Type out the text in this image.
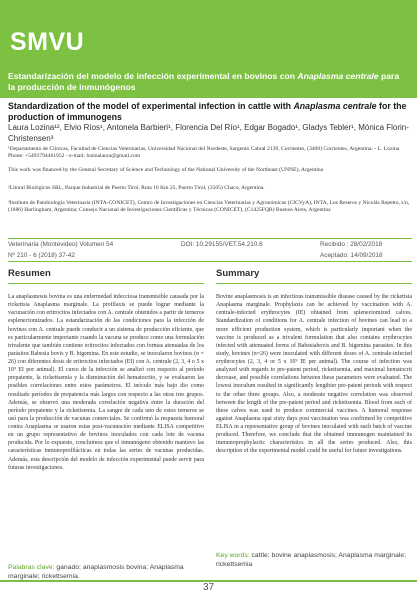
SMVU
Estandarización del modelo de infección experimental en bovinos con Anaplasma centrale para la producción de inmunógenos
Standardization of the model of experimental infection in cattle with Anaplasma centrale for the production of immunogens
Laura Lozina¹², Elvio Ríos¹, Antonela Barbieri¹, Florencia Del Río¹, Edgar Bogado¹, Gladys Tebler¹, Mónica Florin-Christensen³
¹Departamento de Clínicas, Facultad de Ciencias Veterinarias, Universidad Nacional del Nordeste, Sargento Cabral 2139, Corrientes, (3400) Corrientes, Argentina. - L. Lozina Phone: +5493794461952 - e-mail: lozinalaura@gmail.com
This work was financed by the General Secretary of Science and Technology of the National University of the Northeast (UNNE), Argentina
²Litoral Biológicos SRL, Parque Industrial de Puerto Tirol, Ruta 16 Km 25, Puerto Tirol, (3505) Chaco, Argentina.
³Instituto de Patobiología Veterinaria (INTA-CONICET), Centro de Investigaciones en Ciencias Veterinarias y Agronómicas (CICVyA), INTA, Los Reseros y Nicolás Repetto, s/n, (1686) Hurlingham, Argentina; Consejo Nacional de Investigaciones Científicas y Técnicas (CONICET), (C1425FQB) Buenos Aires, Argentina
Veterinaria (Montevideo) Volumen 54
Nº 210 - 6 (2018) 37-42
DOI: 10.29155/VET.54.210.6	Recibido : 28/02/2018
Aceptado: 14/09/2018
Resumen	Summary
La anaplasmosis bovina es una enfermedad infecciosa transmisible causada por la rickettsia Anaplasma marginale. La profilaxis se puede lograr mediante la vacunación con eritrocitos infectados con A. centrale obtenidos a partir de terneros esplenectomizados. La estandarización de las condiciones para la infección de bovinos con A. centrale puede conducir a un sistema de producción eficiente, que es particularmente importante cuando la vacuna se produce como una formulación trivalente que también contiene eritrocitos infectados con formas atenuadas de los parásitos Babesia bovis y B. bigemina. En este estudio, se inocularon bovinos (n = 26) con diferentes dosis de eritrocitos infectados (EI) con A. centrale (2, 3, 4 o 5 x 10⁹ EI por animal). El curso de la infección se analizó con respecto al período prepatente, la rickettsemia y la disminución del hematocrito, y se evaluaron las posibles correlaciones entre estos parámetros. El inóculo más bajo dio como resultado períodos de prepatencia más largos con respecto a las otras tres grupos. Además, se observó una moderada correlación negativa entre la duración del período prepatente y la rickettsemia. La sangre de cada uno de estos terneros se usó para la producción de vacunas comerciales. Se confirmó la respuesta humoral contra Anaplasma se usaron estas post-vacunación mediante ELISA competitivo en un grupo representativo de bovinos inoculados con cada lote de vacuna producida. Por lo expuesto, concluimos que el inmunógeno obtenido mantuvo las características inmunoprofilácticas en todas las series de vacunas producidas. Además, esta descripción del modelo de infección experimental puede servir para futuras investigaciones.
Bovine anaplasmosis is an infectious transmissible disease caused by the rickettsia Anaplasma marginale. Prophylaxis can be achieved by vaccination with A. centrale-infected erythrocytes (IE) obtained from splenectomized calves. Standardization of conditions for A. centrale infection of bovines can lead to a more efficient production system, which is particularly important when the vaccine is produced as a trivalent formulation that also contains erythrocytes infected with attenuated forms of Babesiabovis and B. bigemina parasites. In this study, bovines (n=26) were inoculated with different doses of A. centrale-infected erythrocytes (2, 3, 4 or 5 x 10⁹ IE per animal). The course of infection was analyzed with regards to pre-patent period, rickettsemia, and maximal hematocrit decrease, and possible correlations between these parameters were evaluated. The lowest inoculum resulted in significantly lengthier pre-patent periods with respect to the other three groups. Also, a moderate negative correlation was observed between the length of the pre-patent period and rickettsemia. Blood from each of these calves was used to produce commercial vaccines. A humoral response against Anaplasma spai sixty days post vaccination was confirmed by competitive ELISA in a representative group of bovines inoculated with each batch of vaccine produced. Therefore, we conclude that the obtained immunogen maintained its immunoprophylactic characteristics in all the series produced. Also, this description of the experimental model could be useful for future investigations.
Palabras clave: ganado; anaplasmosis bovina; Anaplasma marginale; rickettsemia.
Key words: cattle; bovine anaplasmosis; Anaplasma marginale; rickettsemia
37
